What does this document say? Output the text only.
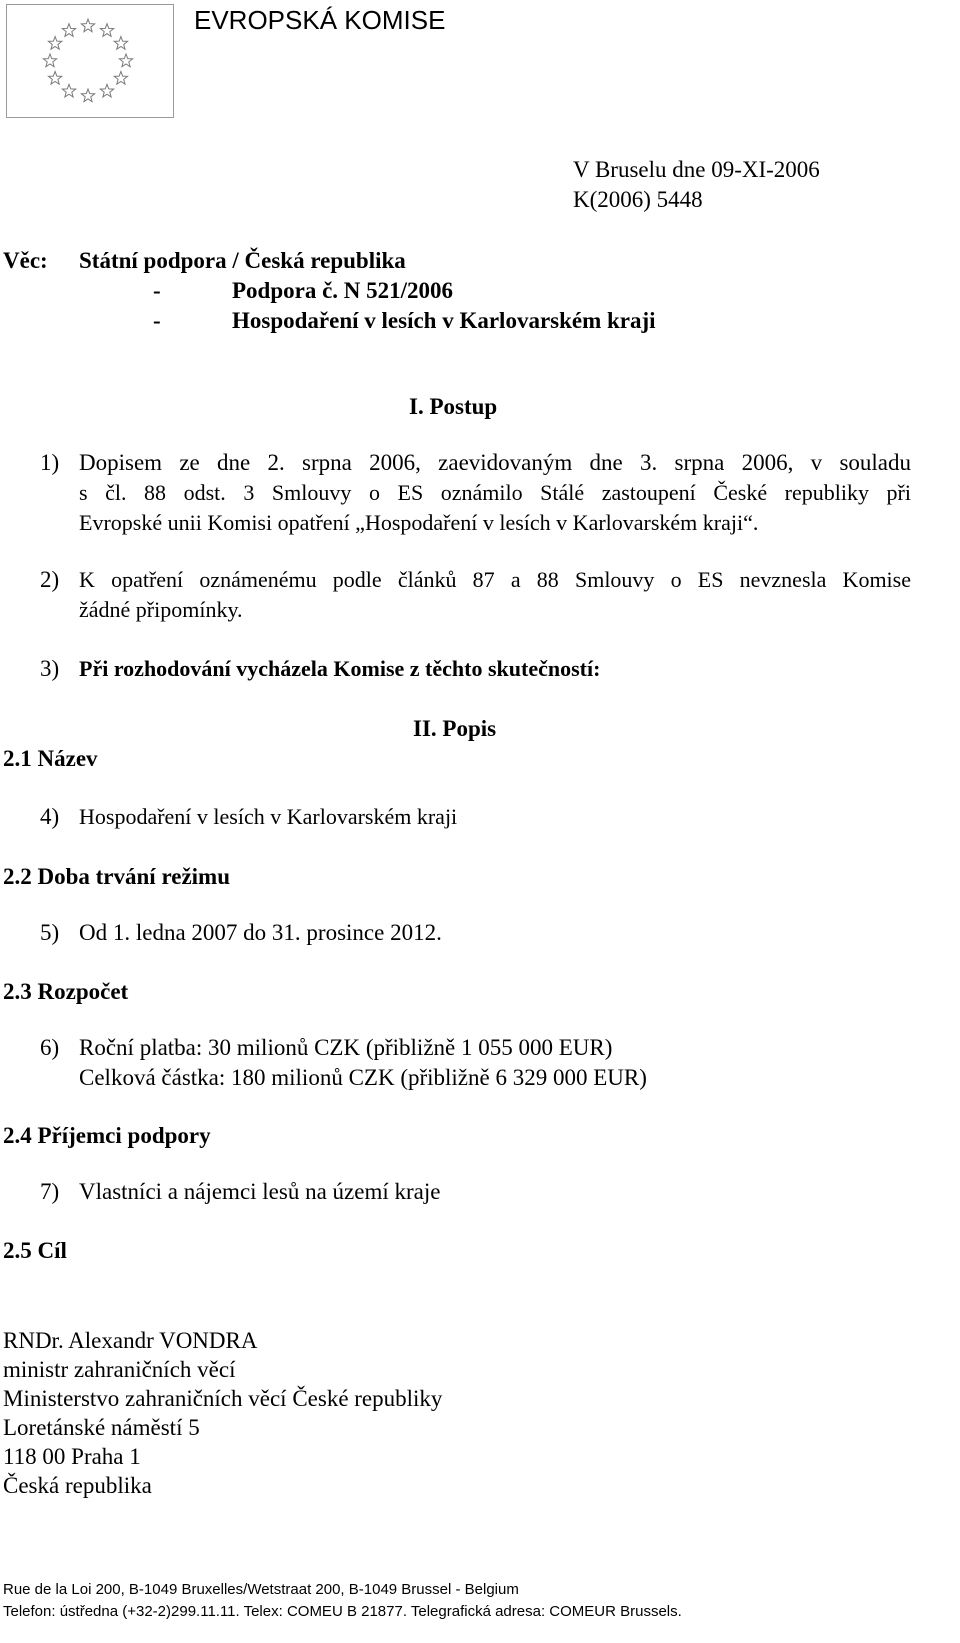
EVROPSKÁ KOMISE
V Bruselu dne 09-XI-2006
K(2006) 5448
Věc: Státní podpora / Česká republika
-	Podpora č. N 521/2006
-	Hospodaření v lesích v Karlovarském kraji
I. Postup
1) Dopisem ze dne 2. srpna 2006, zaevidovaným dne 3. srpna 2006, v souladu
s čl. 88 odst. 3 Smlouvy o ES oznámilo Stálé zastoupení České republiky při
Evropské unii Komisi opatření „Hospodaření v lesích v Karlovarském kraji“.
2) K opatření oznámenému podle článků 87 a 88 Smlouvy o ES nevznesla Komise
žádné připomínky.
3) Při rozhodování vycházela Komise z těchto skutečností:
II. Popis
2.1 Název
4) Hospodaření v lesích v Karlovarském kraji
2.2 Doba trvání režimu
5) Od 1. ledna 2007 do 31. prosince 2012.
2.3 Rozpočet
6) Roční platba: 30 milionů CZK (přibližně 1 055 000 EUR)
Celková částka: 180 milionů CZK (přibližně 6 329 000 EUR)
2.4 Příjemci podpory
7) Vlastníci a nájemci lesů na území kraje
2.5 Cíl
RNDr. Alexandr VONDRA
ministr zahraničních věcí
Ministerstvo zahraničních věcí České republiky
Loretánské náměstí 5
118 00 Praha 1
Česká republika
Rue de la Loi 200, B-1049 Bruxelles/Wetstraat 200, B-1049 Brussel - Belgium
Telefon: ústředna (+32-2)299.11.11. Telex: COMEU B 21877. Telegrafická adresa: COMEUR Brussels.
